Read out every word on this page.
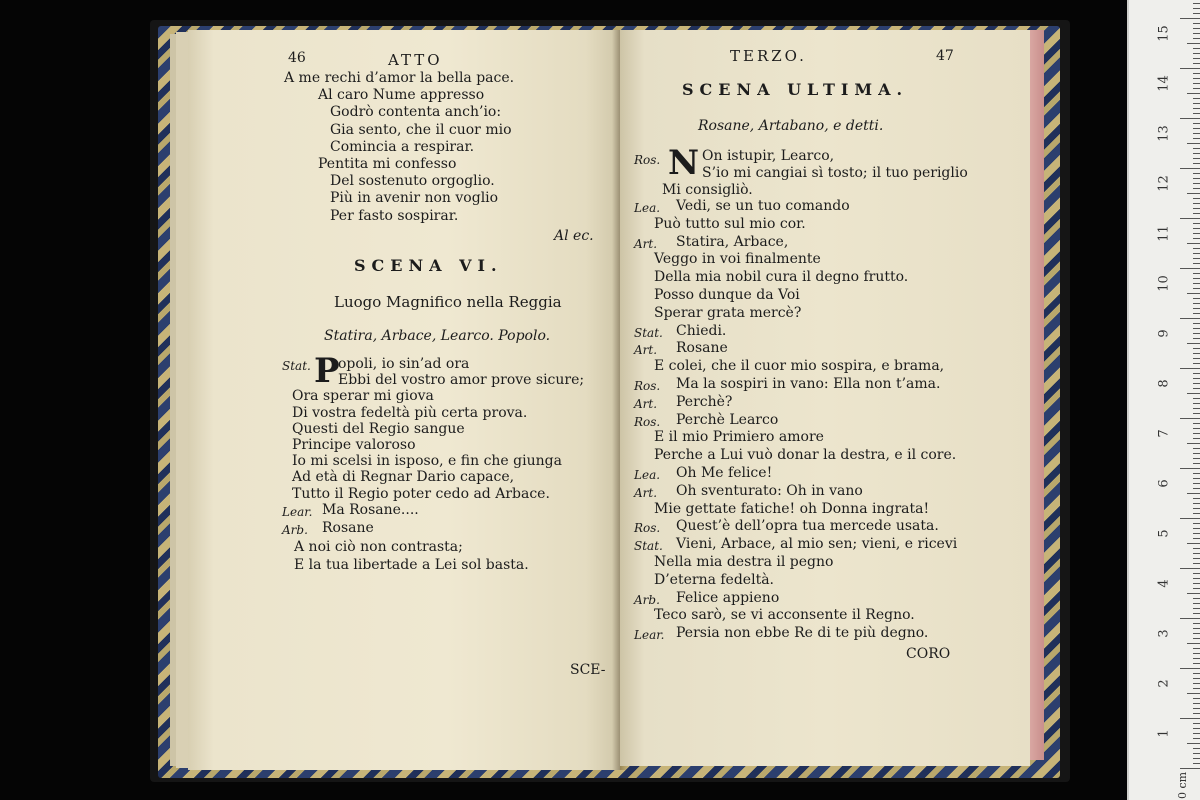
46	ATTO
A me rechi d’amor la bella pace.
Al caro Nume appresso
Godrò contenta anch’io:
Gia sento, che il cuor mio
Comincia a respirar.
Pentita mi confesso
Del sostenuto orgoglio.
Più in avenir non voglio
Per fasto sospirar.
Al ec.
SCENA VI.
Luogo Magnifico nella Reggia
Statira, Arbace, Learco. Popolo.
Stat. P
opoli, io sin’ad ora
Ebbi del vostro amor prove sicure;
Ora sperar mi giova
Di vostra fedeltà più certa prova.
Questi del Regio sangue
Principe valoroso
Io mi scelsi in isposo, e fin che giunga
Ad età di Regnar Dario capace,
Tutto il Regio poter cedo ad Arbace.
Lear. Ma Rosane....
Arb. Rosane
A noi ciò non contrasta;
E la tua libertade a Lei sol basta.
SCE-
TERZO.	47
SCENA ULTIMA.
Rosane, Artabano, e detti.
Ros. N On istupir, Learco,
S’io mi cangiai sì tosto; il tuo periglio
Mi consigliò.
Lea. Vedi, se un tuo comando
Può tutto sul mio cor.
Art. Statira, Arbace,
Veggo in voi finalmente
Della mia nobil cura il degno frutto.
Posso dunque da Voi
Sperar grata mercè?
Stat. Chiedi.
Art. Rosane
E colei, che il cuor mio sospira, e brama,
Ros. Ma la sospiri in vano: Ella non t’ama.
Art. Perchè?
Ros. Perchè Learco
E il mio Primiero amore
Perche a Lui vuò donar la destra, e il core.
Lea. Oh Me felice!
Art. Oh sventurato: Oh in vano
Mie gettate fatiche! oh Donna ingrata!
Ros. Quest’è dell’opra tua mercede usata.
Stat. Vieni, Arbace, al mio sen; vieni, e ricevi
Nella mia destra il pegno
D’eterna fedeltà.
Arb. Felice appieno
Teco sarò, se vi acconsente il Regno.
Lear. Persia non ebbe Re di te più degno.
CORO
1
2
3
4
5
6
7
8
9
10
11
12
13
14
15
0 cm
